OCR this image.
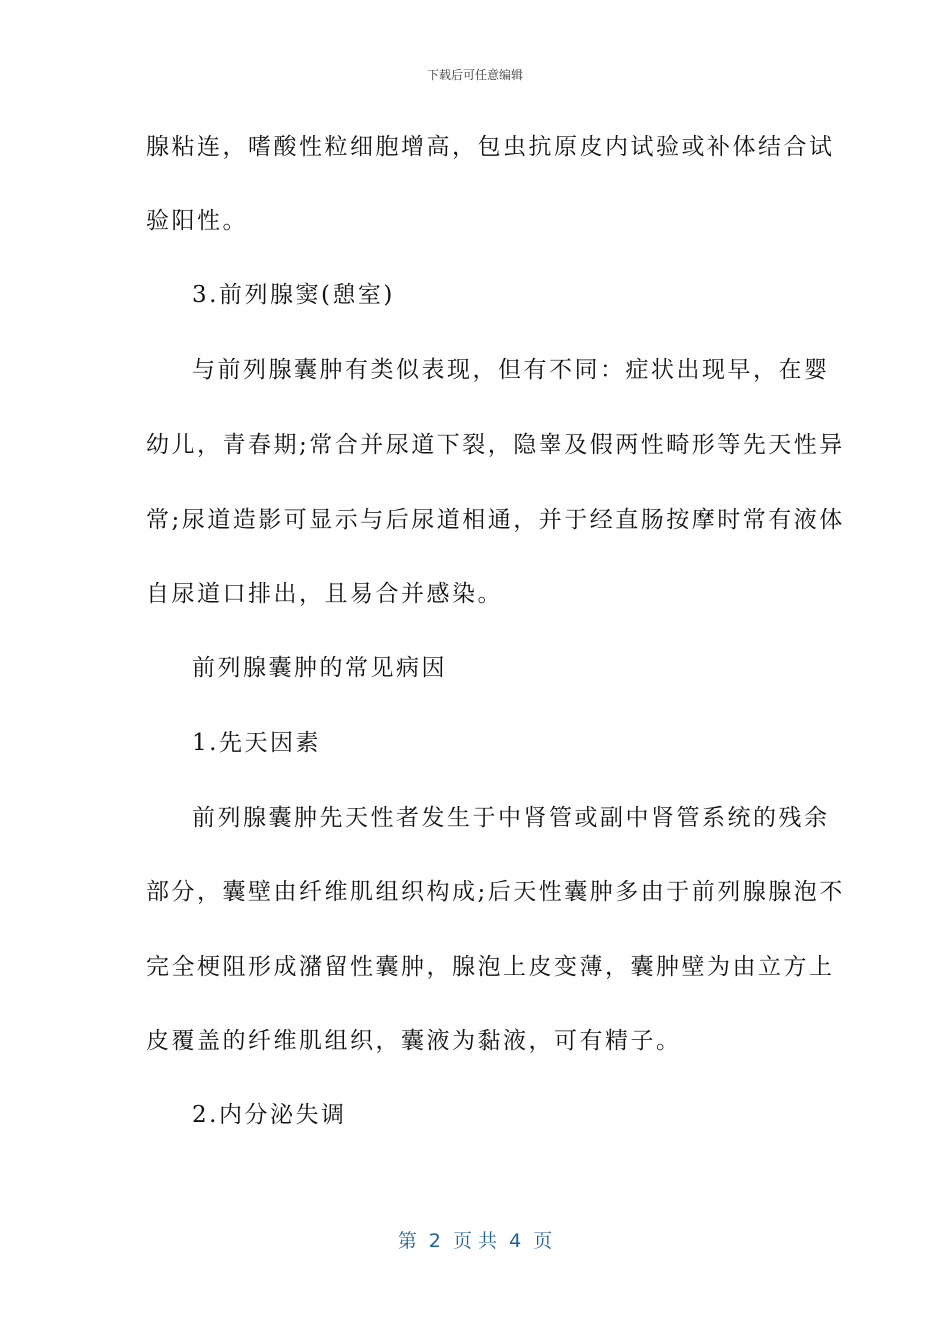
下载后可任意编辑
腺粘连，嗜酸性粒细胞增高，包虫抗原皮内试验或补体结合试
验阳性。
3.前列腺窦(憩室)
与前列腺囊肿有类似表现，但有不同：症状出现早，在婴
幼儿，青春期;常合并尿道下裂，隐睾及假两性畸形等先天性异
常;尿道造影可显示与后尿道相通，并于经直肠按摩时常有液体
自尿道口排出，且易合并感染。
前列腺囊肿的常见病因
1.先天因素
前列腺囊肿先天性者发生于中肾管或副中肾管系统的残余
部分，囊壁由纤维肌组织构成;后天性囊肿多由于前列腺腺泡不
完全梗阻形成潴留性囊肿，腺泡上皮变薄，囊肿壁为由立方上
皮覆盖的纤维肌组织，囊液为黏液，可有精子。
2.内分泌失调
第  2  页 共  4  页
